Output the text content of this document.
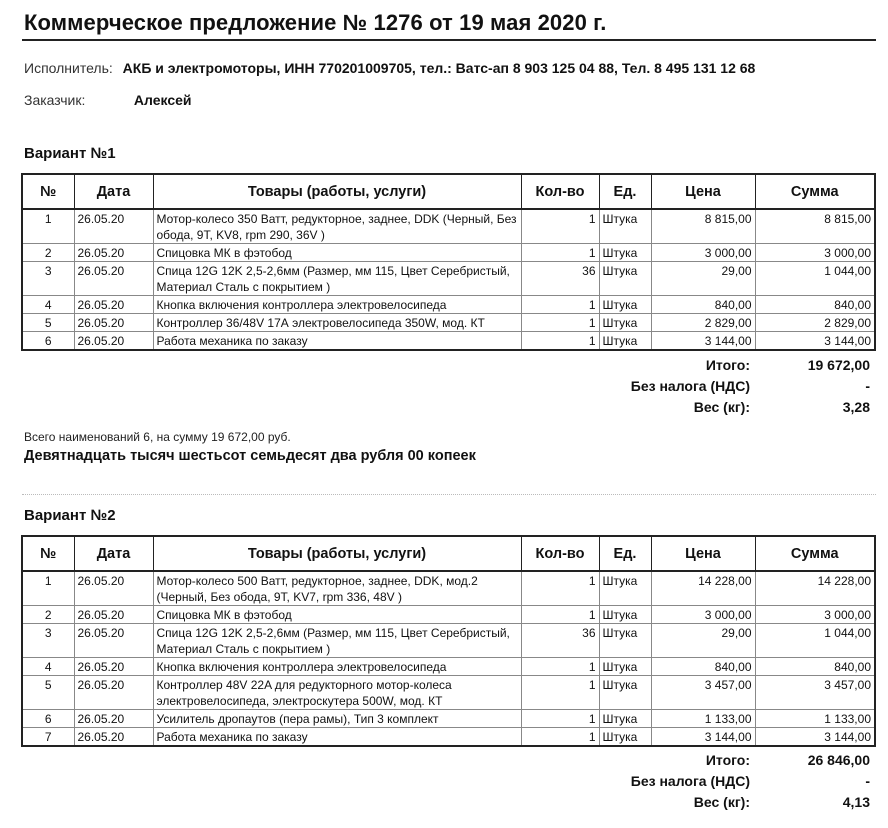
Коммерческое предложение № 1276 от 19 мая 2020 г.
Исполнитель: АКБ и электромоторы, ИНН 770201009705, тел.: Ватс-ап 8 903 125 04 88, Тел. 8 495 131 12 68
Заказчик:	Алексей
Вариант №1
№	Дата	Товары (работы, услуги)	Кол-во	Ед.	Цена	Сумма
1	26.05.20	Мотор-колесо 350 Ватт, редукторное, заднее, DDK (Черный, Без обода, 9T, KV8, rpm 290, 36V )	1	Штука	8 815,00	8 815,00
2	26.05.20	Спицовка МК в фэтобод	1	Штука	3 000,00	3 000,00
3	26.05.20	Спица 12G 12K 2,5-2,6мм (Размер, мм 115, Цвет Серебристый, Материал Сталь с покрытием )	36	Штука	29,00	1 044,00
4	26.05.20	Кнопка включения контроллера электровелосипеда	1	Штука	840,00	840,00
5	26.05.20	Контроллер 36/48V 17А электровелосипеда 350W, мод. КТ	1	Штука	2 829,00	2 829,00
6	26.05.20	Работа механика по заказу	1	Штука	3 144,00	3 144,00
Итого:	19 672,00
Без налога (НДС)	-
Вес (кг):	3,28
Всего наименований 6, на сумму 19 672,00 руб.
Девятнадцать тысяч шестьсот семьдесят два рубля 00 копеек
Вариант №2
№	Дата	Товары (работы, услуги)	Кол-во	Ед.	Цена	Сумма
1	26.05.20	Мотор-колесо 500 Ватт, редукторное, заднее, DDK, мод.2 (Черный, Без обода, 9T, KV7, rpm 336, 48V )	1	Штука	14 228,00	14 228,00
2	26.05.20	Спицовка МК в фэтобод	1	Штука	3 000,00	3 000,00
3	26.05.20	Спица 12G 12K 2,5-2,6мм (Размер, мм 115, Цвет Серебристый, Материал Сталь с покрытием )	36	Штука	29,00	1 044,00
4	26.05.20	Кнопка включения контроллера электровелосипеда	1	Штука	840,00	840,00
5	26.05.20	Контроллер 48V 22A для редукторного мотор-колеса электровелосипеда, электроскутера 500W, мод. КТ	1	Штука	3 457,00	3 457,00
6	26.05.20	Усилитель дропаутов (пера рамы), Тип 3 комплект	1	Штука	1 133,00	1 133,00
7	26.05.20	Работа механика по заказу	1	Штука	3 144,00	3 144,00
Итого:	26 846,00
Без налога (НДС)	-
Вес (кг):	4,13
